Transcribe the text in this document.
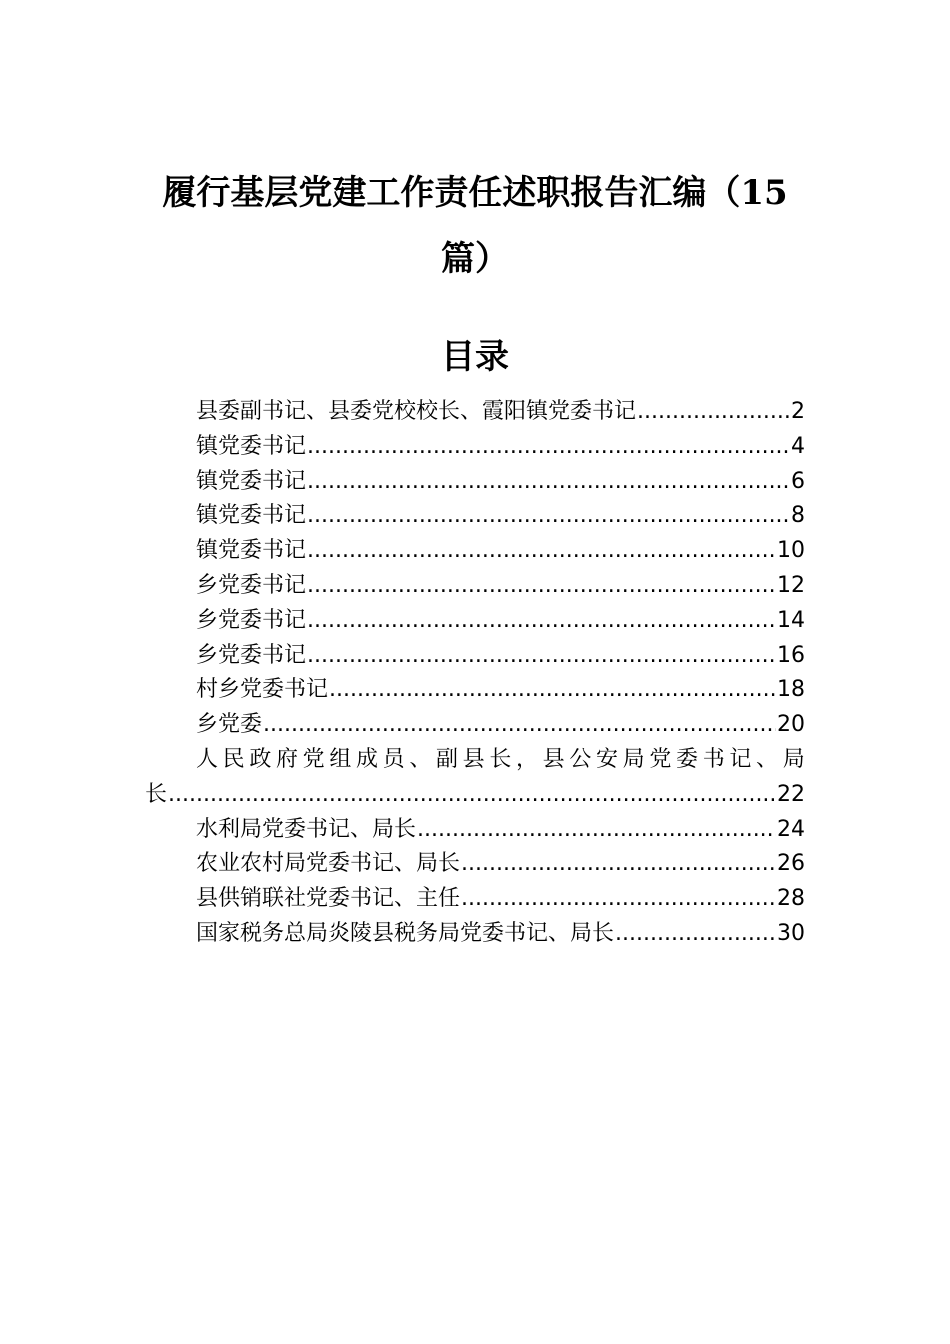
履行基层党建工作责任述职报告汇编（15
篇）
目录
县委副书记、县委党校校长、霞阳镇党委书记 .....	2
镇党委书记 .....	4
镇党委书记 .....	6
镇党委书记 .....	8
镇党委书记 .....	10
乡党委书记 .....	12
乡党委书记 .....	14
乡党委书记 .....	16
村乡党委书记 .....	18
乡党委 .....	20
人民政府党组成员、副县长，县公安局党委书记、局
长 .....	22
水利局党委书记、局长 .....	24
农业农村局党委书记、局长 .....	26
县供销联社党委书记、主任 .....	28
国家税务总局炎陵县税务局党委书记、局长 .....	30
